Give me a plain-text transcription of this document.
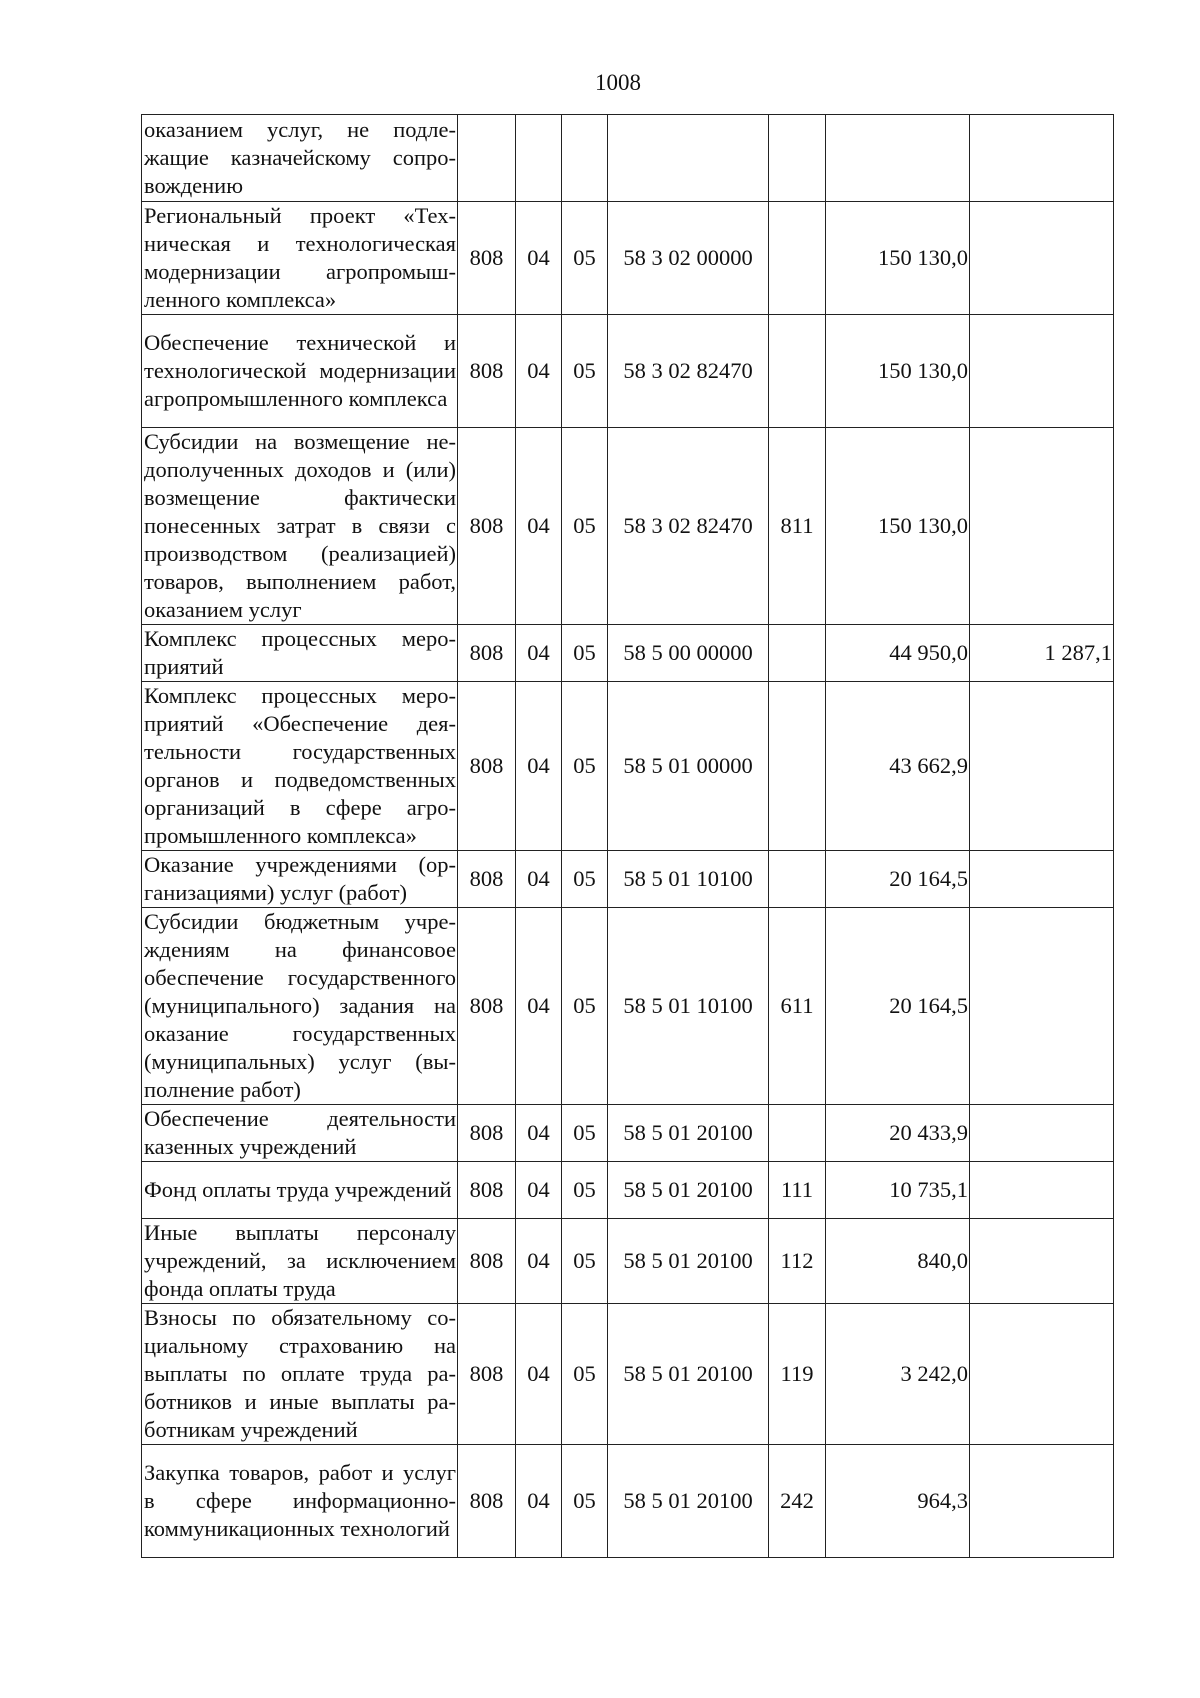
1008
оказанием услуг, не подлежащие казначейскому сопровождению							
Региональный проект «Техническая и технологическая модернизации агропромышленного комплекса»	808	04	05	58 3 02 00000		150 130,0	
Обеспечение технической и технологической модернизации агропромышленного комплекса	808	04	05	58 3 02 82470		150 130,0	
Субсидии на возмещение недополученных доходов и (или) возмещение фактически понесенных затрат в связи с производством (реализацией) товаров, выполнением работ, оказанием услуг	808	04	05	58 3 02 82470	811	150 130,0	
Комплекс процессных мероприятий	808	04	05	58 5 00 00000		44 950,0	1 287,1
Комплекс процессных мероприятий «Обеспечение деятельности государственных органов и подведомственных организаций в сфере агропромышленного комплекса»	808	04	05	58 5 01 00000		43 662,9	
Оказание учреждениями (организациями) услуг (работ)	808	04	05	58 5 01 10100		20 164,5	
Субсидии бюджетным учреждениям на финансовое обеспечение государственного (муниципального) задания на оказание государственных (муниципальных) услуг (выполнение работ)	808	04	05	58 5 01 10100	611	20 164,5	
Обеспечение деятельности казенных учреждений	808	04	05	58 5 01 20100		20 433,9	
Фонд оплаты труда учреждений	808	04	05	58 5 01 20100	111	10 735,1	
Иные выплаты персоналу учреждений, за исключением фонда оплаты труда	808	04	05	58 5 01 20100	112	840,0	
Взносы по обязательному социальному страхованию на выплаты по оплате труда работников и иные выплаты работникам учреждений	808	04	05	58 5 01 20100	119	3 242,0	
Закупка товаров, работ и услуг в сфере информационно-коммуникационных технологий	808	04	05	58 5 01 20100	242	964,3	
